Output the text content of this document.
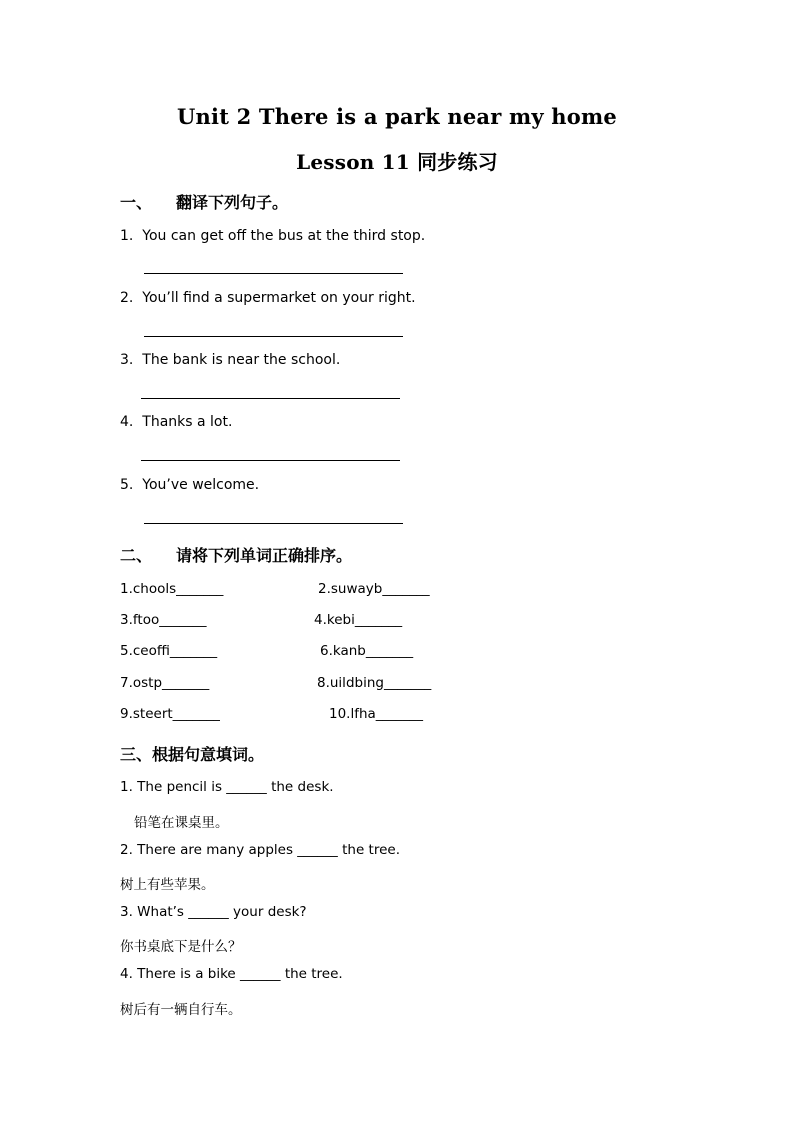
Unit 2 There is a park near my home
Lesson 11 同步练习
一、 翻译下列句子。
1. You can get off the bus at the third stop.
2. You’ll find a supermarket on your right.
3. The bank is near the school.
4. Thanks a lot.
5. You’ve welcome.
二、 请将下列单词正确排序。
1.chools_______	2.suwayb_______
3.ftoo_______	4.kebi_______
5.ceoffi_______	6.kanb_______
7.ostp_______	8.uildbing_______
9.steert_______	10.lfha_______
三、根据句意填词。
1. The pencil is ______ the desk.
铅笔在课桌里。
2. There are many apples ______ the tree.
树上有些苹果。
3. What’s ______ your desk?
你书桌底下是什么？
4. There is a bike ______ the tree.
树后有一辆自行车。
